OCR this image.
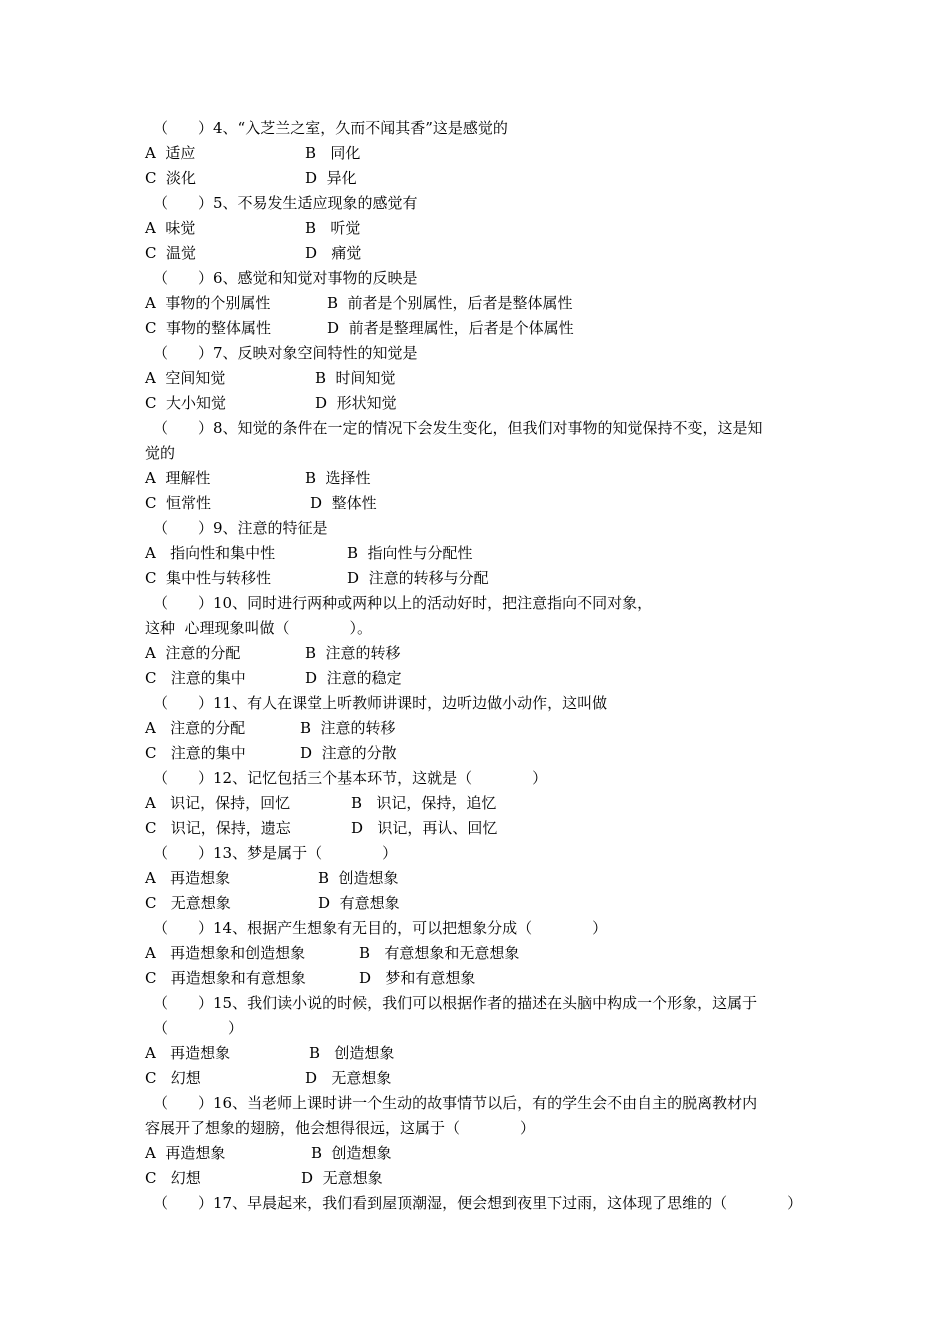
（　　）4、“入芝兰之室，久而不闻其香”这是感觉的

A  适应

	B   同化

C  淡化

	D  异化

（　　）5、不易发生适应现象的感觉有

A  味觉

	B   听觉

C  温觉

	D   痛觉

（　　）6、感觉和知觉对事物的反映是

A  事物的个别属性

	B  前者是个别属性，后者是整体属性

C  事物的整体属性

	D  前者是整理属性，后者是个体属性

（　　）7、反映对象空间特性的知觉是

A  空间知觉

	B  时间知觉

C  大小知觉

	D  形状知觉

（　　）8、知觉的条件在一定的情况下会发生变化，但我们对事物的知觉保持不变，这是知
觉的

A  理解性

	B  选择性

C  恒常性

	D  整体性

（　　）9、注意的特征是

A   指向性和集中性

	B  指向性与分配性

C  集中性与转移性

	D  注意的转移与分配

（　　）10、同时进行两种或两种以上的活动好时，把注意指向不同对象，
这种  心理现象叫做（　　　　）。

A  注意的分配

	B  注意的转移

C   注意的集中

	D  注意的稳定

（　　）11、有人在课堂上听教师讲课时，边听边做小动作，这叫做

A   注意的分配

	B  注意的转移

C   注意的集中

	D  注意的分散

（　　）12、记忆包括三个基本环节，这就是（　　　　）

A   识记，保持，回忆

	B   识记，保持，追忆

C   识记，保持，遗忘

	D   识记，再认、回忆

（　　）13、梦是属于（　　　　）

A   再造想象

	B  创造想象

C   无意想象

	D  有意想象

（　　）14、根据产生想象有无目的，可以把想象分成（　　　　）

A   再造想象和创造想象

	B   有意想象和无意想象

C   再造想象和有意想象

	D   梦和有意想象

（　　）15、我们读小说的时候，我们可以根据作者的描述在头脑中构成一个形象，这属于
（　　　　）

A   再造想象

	B   创造想象

C   幻想

	D   无意想象

（　　）16、当老师上课时讲一个生动的故事情节以后，有的学生会不由自主的脱离教材内
容展开了想象的翅膀，他会想得很远，这属于（　　　　）

A  再造想象

	B  创造想象

C   幻想

	D  无意想象

（　　）17、早晨起来，我们看到屋顶潮湿，便会想到夜里下过雨，这体现了思维的（　　　　）
